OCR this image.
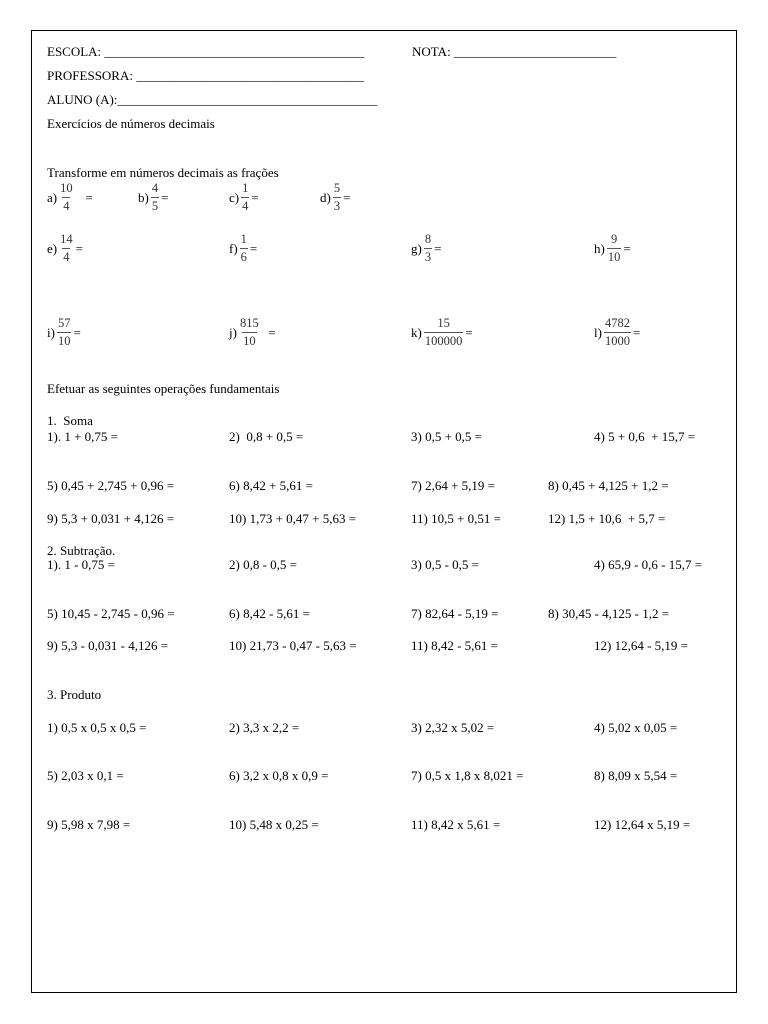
ESCOLA: ________________________________________	NOTA: _________________________
PROFESSORA: ___________________________________
ALUNO (A):________________________________________
Exercícios de números decimais
Transforme em números decimais as frações
$a) \frac{10}{4}$ =	$b) \frac{4}{5}$ =	$c) \frac{1}{4}$ =	$d) \frac{5}{3}$ =
$e) \frac{14}{4}$ =	$f) \frac{1}{6}$ =	$g) \frac{8}{3}$ =	$h) \frac{9}{10}$ =
$i) \frac{57}{10}$ =	$j) \frac{815}{10}$ =	$k) \frac{15}{100000}$ =	$l) \frac{4782}{1000}$ =
Efetuar as seguintes operações fundamentais
1.  Soma
1). 1 + 0,75 =	2)  0,8 + 0,5 =	3) 0,5 + 0,5 =	4) 5 + 0,6  + 15,7 =
5) 0,45 + 2,745 + 0,96 =	6) 8,42 + 5,61 =	7) 2,64 + 5,19 =	8) 0,45 + 4,125 + 1,2 =
9) 5,3 + 0,031 + 4,126 =	10) 1,73 + 0,47 + 5,63 =	11) 10,5 + 0,51 =	12) 1,5 + 10,6  + 5,7 =
2. Subtração.
1). 1 - 0,75 =	2) 0,8 - 0,5 =	3) 0,5 - 0,5 =	4) 65,9 - 0,6 - 15,7 =
5) 10,45 - 2,745 - 0,96 =	6) 8,42 - 5,61 =	7) 82,64 - 5,19 =	8) 30,45 - 4,125 - 1,2 =
9) 5,3 - 0,031 - 4,126 =	10) 21,73 - 0,47 - 5,63 =	11) 8,42 - 5,61 =	12) 12,64 - 5,19 =
3. Produto
1) 0,5 x 0,5 x 0,5 =	2) 3,3 x 2,2 =	3) 2,32 x 5,02 =	4) 5,02 x 0,05 =
5) 2,03 x 0,1 =	6) 3,2 x 0,8 x 0,9 =	7) 0,5 x 1,8 x 8,021 =	8) 8,09 x 5,54 =
9) 5,98 x 7,98 =	10) 5,48 x 0,25 =	11) 8,42 x 5,61 =	12) 12,64 x 5,19 =
